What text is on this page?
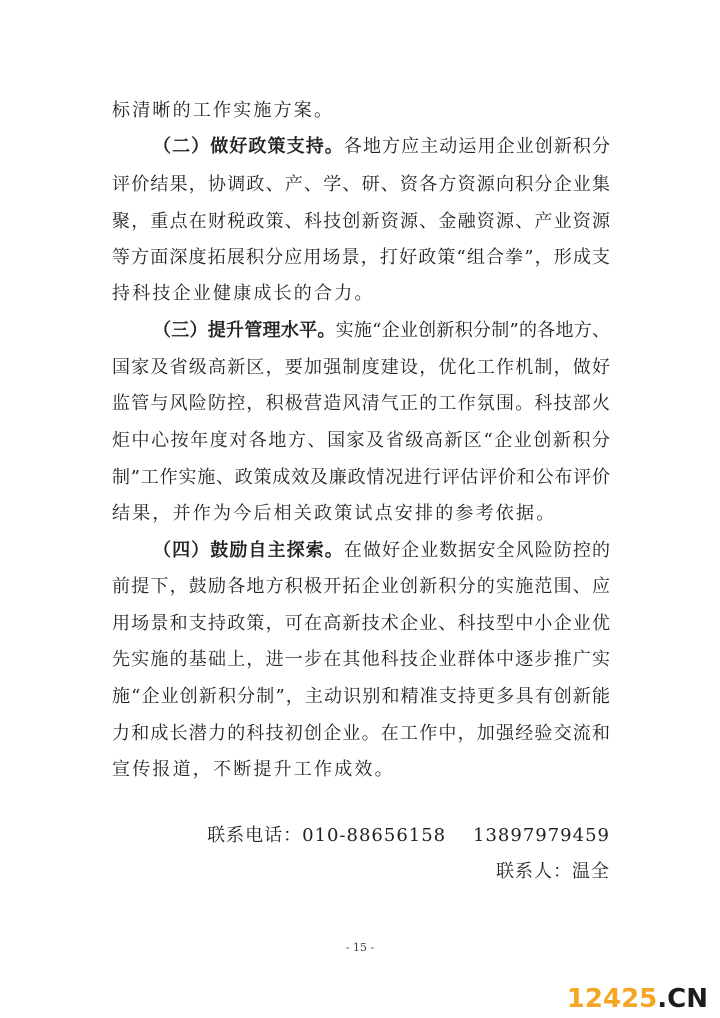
标清晰的工作实施方案。
（二）做好政策支持。各地方应主动运用企业创新积分
评价结果，协调政、产、学、研、资各方资源向积分企业集
聚，重点在财税政策、科技创新资源、金融资源、产业资源
等方面深度拓展积分应用场景，打好政策“组合拳”，形成支
持科技企业健康成长的合力。
（三）提升管理水平。实施“企业创新积分制”的各地方、
国家及省级高新区，要加强制度建设，优化工作机制，做好
监管与风险防控，积极营造风清气正的工作氛围。科技部火
炬中心按年度对各地方、国家及省级高新区“企业创新积分
制”工作实施、政策成效及廉政情况进行评估评价和公布评价
结果，并作为今后相关政策试点安排的参考依据。
（四）鼓励自主探索。在做好企业数据安全风险防控的
前提下，鼓励各地方积极开拓企业创新积分的实施范围、应
用场景和支持政策，可在高新技术企业、科技型中小企业优
先实施的基础上，进一步在其他科技企业群体中逐步推广实
施“企业创新积分制”，主动识别和精准支持更多具有创新能
力和成长潜力的科技初创企业。在工作中，加强经验交流和
宣传报道，不断提升工作成效。
联系电话：010-88656158    13897979459
联系人：温全
- 15 -
12425.CN
